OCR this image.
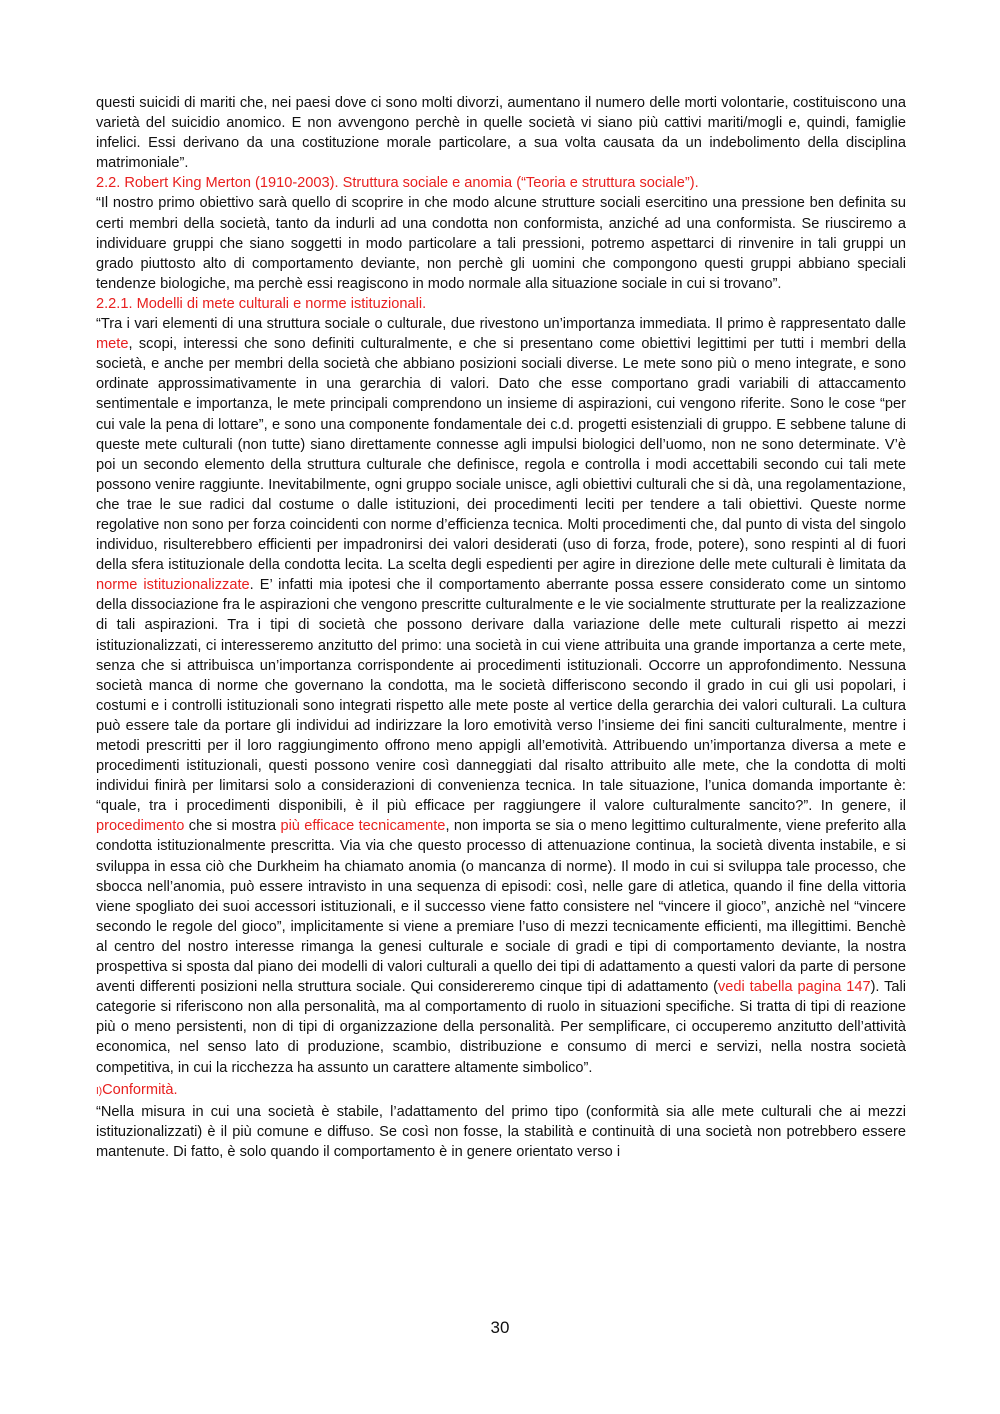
questi suicidi di mariti che, nei paesi dove ci sono molti divorzi, aumentano il numero delle morti volontarie, costituiscono una varietà del suicidio anomico. E non avvengono perchè in quelle società vi siano più cattivi mariti/mogli e, quindi, famiglie infelici. Essi derivano da una costituzione morale particolare, a sua volta causata da un indebolimento della disciplina matrimoniale”.

2.2. Robert King Merton (1910-2003). Struttura sociale e anomia (“Teoria e struttura sociale”).

“Il nostro primo obiettivo sarà quello di scoprire in che modo alcune strutture sociali esercitino una pressione ben definita su certi membri della società, tanto da indurli ad una condotta non conformista, anziché ad una conformista. Se riusciremo a individuare gruppi che siano soggetti in modo particolare a tali pressioni, potremo aspettarci di rinvenire in tali gruppi un grado piuttosto alto di comportamento deviante, non perchè gli uomini che compongono questi gruppi abbiano speciali tendenze biologiche, ma perchè essi reagiscono in modo normale alla situazione sociale in cui si trovano”.

2.2.1. Modelli di mete culturali e norme istituzionali.

“Tra i vari elementi di una struttura sociale o culturale, due rivestono un’importanza immediata. Il primo è rappresentato dalle mete, scopi, interessi che sono definiti culturalmente, e che si presentano come obiettivi legittimi per tutti i membri della società, e anche per membri della società che abbiano posizioni sociali diverse. Le mete sono più o meno integrate, e sono ordinate approssimativamente in una gerarchia di valori. Dato che esse comportano gradi variabili di attaccamento sentimentale e importanza, le mete principali comprendono un insieme di aspirazioni, cui vengono riferite. Sono le cose “per cui vale la pena di lottare”, e sono una componente fondamentale dei c.d. progetti esistenziali di gruppo. E sebbene talune di queste mete culturali (non tutte) siano direttamente connesse agli impulsi biologici dell’uomo, non ne sono determinate. V’è poi un secondo elemento della struttura culturale che definisce, regola e controlla i modi accettabili secondo cui tali mete possono venire raggiunte. Inevitabilmente, ogni gruppo sociale unisce, agli obiettivi culturali che si dà, una regolamentazione, che trae le sue radici dal costume o dalle istituzioni, dei procedimenti leciti per tendere a tali obiettivi. Queste norme regolative non sono per forza coincidenti con norme d’efficienza tecnica. Molti procedimenti che, dal punto di vista del singolo individuo, risulterebbero efficienti per impadronirsi dei valori desiderati (uso di forza, frode, potere), sono respinti al di fuori della sfera istituzionale della condotta lecita. La scelta degli espedienti per agire in direzione delle mete culturali è limitata da norme istituzionalizzate. E’ infatti mia ipotesi che il comportamento aberrante possa essere considerato come un sintomo della dissociazione fra le aspirazioni che vengono prescritte culturalmente e le vie socialmente strutturate per la realizzazione di tali aspirazioni. Tra i tipi di società che possono derivare dalla variazione delle mete culturali rispetto ai mezzi istituzionalizzati, ci interesseremo anzitutto del primo: una società in cui viene attribuita una grande importanza a certe mete, senza che si attribuisca un’importanza corrispondente ai procedimenti istituzionali. Occorre un approfondimento. Nessuna società manca di norme che governano la condotta, ma le società differiscono secondo il grado in cui gli usi popolari, i costumi e i controlli istituzionali sono integrati rispetto alle mete poste al vertice della gerarchia dei valori culturali. La cultura può essere tale da portare gli individui ad indirizzare la loro emotività verso l’insieme dei fini sanciti culturalmente, mentre i metodi prescritti per il loro raggiungimento offrono meno appigli all’emotività. Attribuendo un’importanza diversa a mete e procedimenti istituzionali, questi possono venire così danneggiati dal risalto attribuito alle mete, che la condotta di molti individui finirà per limitarsi solo a considerazioni di convenienza tecnica. In tale situazione, l’unica domanda importante è: “quale, tra i procedimenti disponibili, è il più efficace per raggiungere il valore culturalmente sancito?”. In genere, il procedimento che si mostra più efficace tecnicamente, non importa se sia o meno legittimo culturalmente, viene preferito alla condotta istituzionalmente prescritta. Via via che questo processo di attenuazione continua, la società diventa instabile, e si sviluppa in essa ciò che Durkheim ha chiamato anomia (o mancanza di norme). Il modo in cui si sviluppa tale processo, che sbocca nell’anomia, può essere intravisto in una sequenza di episodi: così, nelle gare di atletica, quando il fine della vittoria viene spogliato dei suoi accessori istituzionali, e il successo viene fatto consistere nel “vincere il gioco”, anzichè nel “vincere secondo le regole del gioco”, implicitamente si viene a premiare l’uso di mezzi tecnicamente efficienti, ma illegittimi. Benchè al centro del nostro interesse rimanga la genesi culturale e sociale di gradi e tipi di comportamento deviante, la nostra prospettiva si sposta dal piano dei modelli di valori culturali a quello dei tipi di adattamento a questi valori da parte di persone aventi differenti posizioni nella struttura sociale. Qui considereremo cinque tipi di adattamento (vedi tabella pagina 147). Tali categorie si riferiscono non alla personalità, ma al comportamento di ruolo in situazioni specifiche. Si tratta di tipi di reazione più o meno persistenti, non di tipi di organizzazione della personalità. Per semplificare, ci occuperemo anzitutto dell’attività economica, nel senso lato di produzione, scambio, distribuzione e consumo di merci e servizi, nella nostra società competitiva, in cui la ricchezza ha assunto un carattere altamente simbolico”.

I)Conformità.

“Nella misura in cui una società è stabile, l’adattamento del primo tipo (conformità sia alle mete culturali che ai mezzi istituzionalizzati) è il più comune e diffuso. Se così non fosse, la stabilità e continuità di una società non potrebbero essere mantenute. Di fatto, è solo quando il comportamento è in genere orientato verso i

30
